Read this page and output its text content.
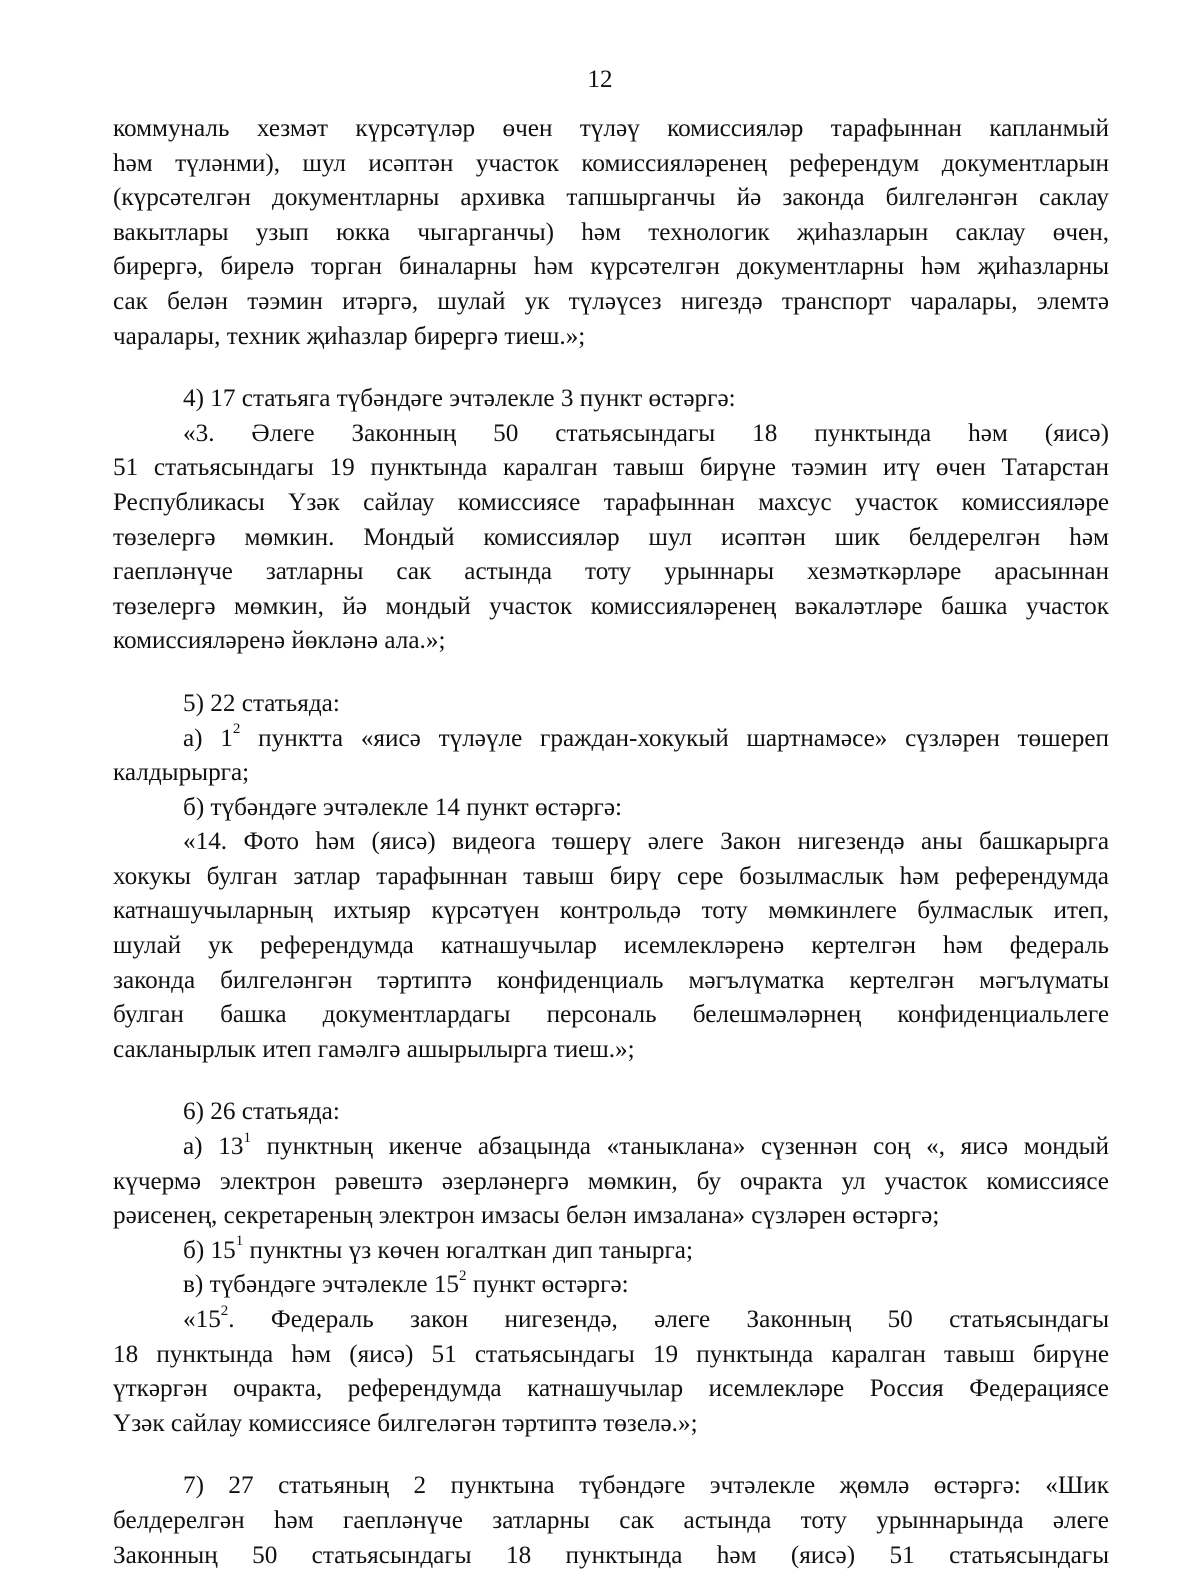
12
коммуналь хезмәт күрсәтүләр өчен түләү комиссияләр тарафыннан капланмый
һәм түләнми), шул исәптән участок комиссияләренең референдум документларын
(күрсәтелгән документларны архивка тапшырганчы йә законда билгеләнгән саклау
вакытлары узып юкка чыгарганчы) һәм технологик җиһазларын саклау өчен,
бирергә, бирелә торган биналарны һәм күрсәтелгән документларны һәм җиһазларны
сак белән тәэмин итәргә, шулай ук түләүсез нигездә транспорт чаралары, элемтә
чаралары, техник җиһазлар бирергә тиеш.»;
4) 17 статьяга түбәндәге эчтәлекле 3 пункт өстәргә:
«3. Әлеге Законның 50 статьясындагы 18 пунктында һәм (яисә)
51 статьясындагы 19 пунктында каралган тавыш бирүне тәэмин итү өчен Татарстан
Республикасы Үзәк сайлау комиссиясе тарафыннан махсус участок комиссияләре
төзелергә мөмкин. Мондый комиссияләр шул исәптән шик белдерелгән һәм
гаепләнүче затларны сак астында тоту урыннары хезмәткәрләре арасыннан
төзелергә мөмкин, йә мондый участок комиссияләренең вәкаләтләре башка участок
комиссияләренә йөкләнә ала.»;
5) 22 статьяда:
а) $1^2$ пунктта «яисә түләүле граждан-хокукый шартнамәсе» сүзләрен төшереп
калдырырга;
б) түбәндәге эчтәлекле 14 пункт өстәргә:
«14. Фото һәм (яисә) видеога төшерү әлеге Закон нигезендә аны башкарырга
хокукы булган затлар тарафыннан тавыш бирү сере бозылмаслык һәм референдумда
катнашучыларның ихтыяр күрсәтүен контрольдә тоту мөмкинлеге булмаслык итеп,
шулай ук референдумда катнашучылар исемлекләренә кертелгән һәм федераль
законда билгеләнгән тәртиптә конфиденциаль мәгълүматка кертелгән мәгълүматы
булган башка документлардагы персональ белешмәләрнең конфиденциальлеге
сакланырлык итеп гамәлгә ашырылырга тиеш.»;
6) 26 статьяда:
а) $13^1$ пунктның икенче абзацында «таныклана» сүзеннән соң «, яисә мондый
күчермә электрон рәвештә әзерләнергә мөмкин, бу очракта ул участок комиссиясе
рәисенең, секретареның электрон имзасы белән имзалана» сүзләрен өстәргә;
б) $15^1$ пунктны үз көчен югалткан дип танырга;
в) түбәндәге эчтәлекле $15^2$ пункт өстәргә:
«$15^2$. Федераль закон нигезендә, әлеге Законның 50 статьясындагы
18 пунктында һәм (яисә) 51 статьясындагы 19 пунктында каралган тавыш бирүне
үткәргән очракта, референдумда катнашучылар исемлекләре Россия Федерациясе
Үзәк сайлау комиссиясе билгеләгән тәртиптә төзелә.»;
7) 27 статьяның 2 пунктына түбәндәге эчтәлекле җөмлә өстәргә: «Шик
белдерелгән һәм гаепләнүче затларны сак астында тоту урыннарында әлеге
Законның 50 статьясындагы 18 пунктында һәм (яисә) 51 статьясындагы
